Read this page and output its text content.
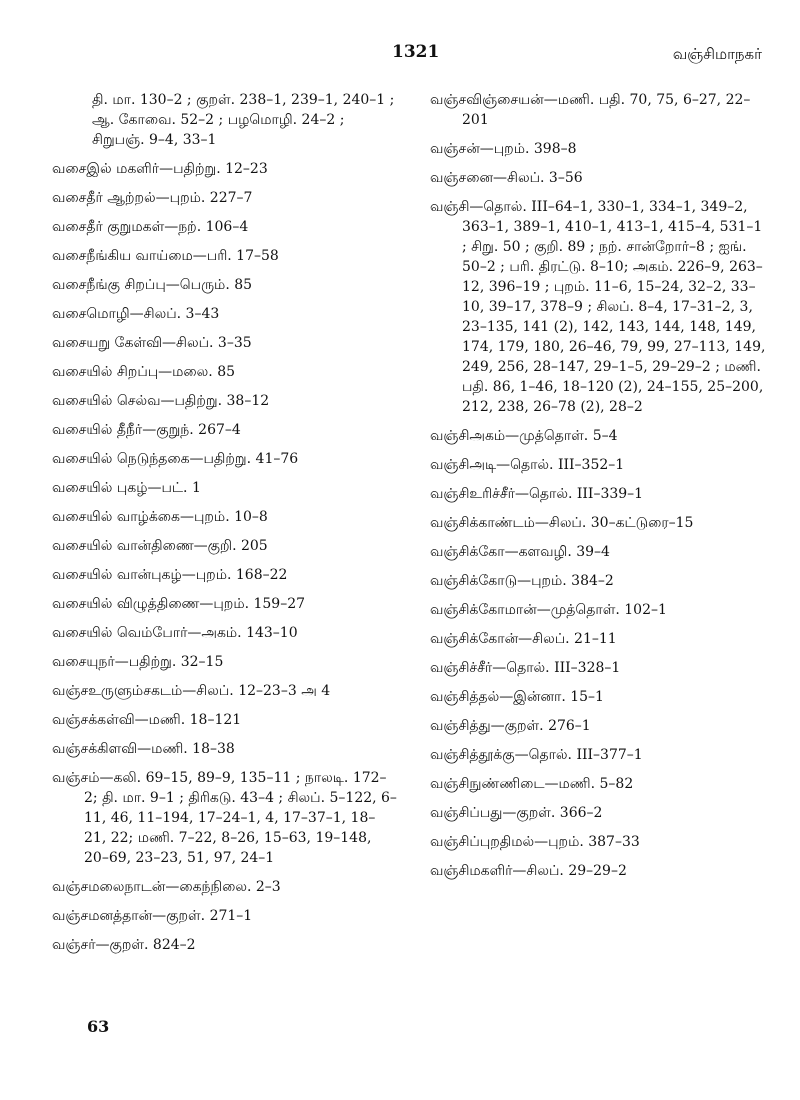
1321	வஞ்சிமாநகர்
தி. மா. 130–2 ; குறள். 238–1, 239–1, 240–1 ; ஆ. கோவை. 52–2 ; பழமொழி. 24–2 ; சிறுபஞ். 9–4, 33–1
வசைஇல் மகளிர்—பதிற்று. 12–23
வசைதீர் ஆற்றல்—புறம். 227–7
வசைதீர் குறுமகள்—நற். 106–4
வசைநீங்கிய வாய்மை—பரி. 17–58
வசைநீங்கு சிறப்பு—பெரும். 85
வசைமொழி—சிலப். 3–43
வசையறு கேள்வி—சிலப். 3–35
வசையில் சிறப்பு—மலை. 85
வசையில் செல்வ—பதிற்று. 38–12
வசையில் தீநீர்—குறுந். 267–4
வசையில் நெடுந்தகை—பதிற்று. 41–76
வசையில் புகழ்—பட். 1
வசையில் வாழ்க்கை—புறம். 10–8
வசையில் வான்திணை—குறி. 205
வசையில் வான்புகழ்—புறம். 168–22
வசையில் விழுத்திணை—புறம். 159–27
வசையில் வெம்போர்—அகம். 143–10
வசையுநர்—பதிற்று. 32–15
வஞ்சஉருளும்சகடம்—சிலப். 12–23–3 அ 4
வஞ்சக்கள்வி—மணி. 18–121
வஞ்சக்கிளவி—மணி. 18–38
வஞ்சம்—கலி. 69–15, 89–9, 135–11 ; நாலடி. 172–2; தி. மா. 9–1 ; திரிகடு. 43–4 ; சிலப். 5–122, 6–11, 46, 11–194, 17–24–1, 4, 17–37–1, 18–21, 22; மணி. 7–22, 8–26, 15–63, 19–148, 20–69, 23–23, 51, 97, 24–1
வஞ்சமலைநாடன்—கைந்நிலை. 2–3
வஞ்சமனத்தான்—குறள். 271–1
வஞ்சர்—குறள். 824–2
வஞ்சவிஞ்சையன்—மணி. பதி. 70, 75, 6–27, 22–201
வஞ்சன்—புறம். 398–8
வஞ்சனை—சிலப். 3–56
வஞ்சி—தொல். III–64–1, 330–1, 334–1, 349–2, 363–1, 389–1, 410–1, 413–1, 415–4, 531–1 ; சிறு. 50 ; குறி. 89 ; நற். சான்றோர்–8 ; ஐங். 50–2 ; பரி. திரட்டு. 8–10; அகம். 226–9, 263–12, 396–19 ; புறம். 11–6, 15–24, 32–2, 33–10, 39–17, 378–9 ; சிலப். 8–4, 17–31–2, 3, 23–135, 141 (2), 142, 143, 144, 148, 149, 174, 179, 180, 26–46, 79, 99, 27–113, 149, 249, 256, 28–147, 29–1–5, 29–29–2 ; மணி. பதி. 86, 1–46, 18–120 (2), 24–155, 25–200, 212, 238, 26–78 (2), 28–2
வஞ்சிஅகம்—முத்தொள். 5–4
வஞ்சிஅடி—தொல். III–352–1
வஞ்சிஉரிச்சீர்—தொல். III–339–1
வஞ்சிக்காண்டம்—சிலப். 30–கட்டுரை–15
வஞ்சிக்கோ—களவழி. 39–4
வஞ்சிக்கோடு—புறம். 384–2
வஞ்சிக்கோமான்—முத்தொள். 102–1
வஞ்சிக்கோன்—சிலப். 21–11
வஞ்சிச்சீர்—தொல். III–328–1
வஞ்சித்தல்—இன்னா. 15–1
வஞ்சித்து—குறள். 276–1
வஞ்சித்தூக்கு—தொல். III–377–1
வஞ்சிநுண்ணிடை—மணி. 5–82
வஞ்சிப்பது—குறள். 366–2
வஞ்சிப்புறதிமல்—புறம். 387–33
வஞ்சிமகளிர்—சிலப். 29–29–2
63
